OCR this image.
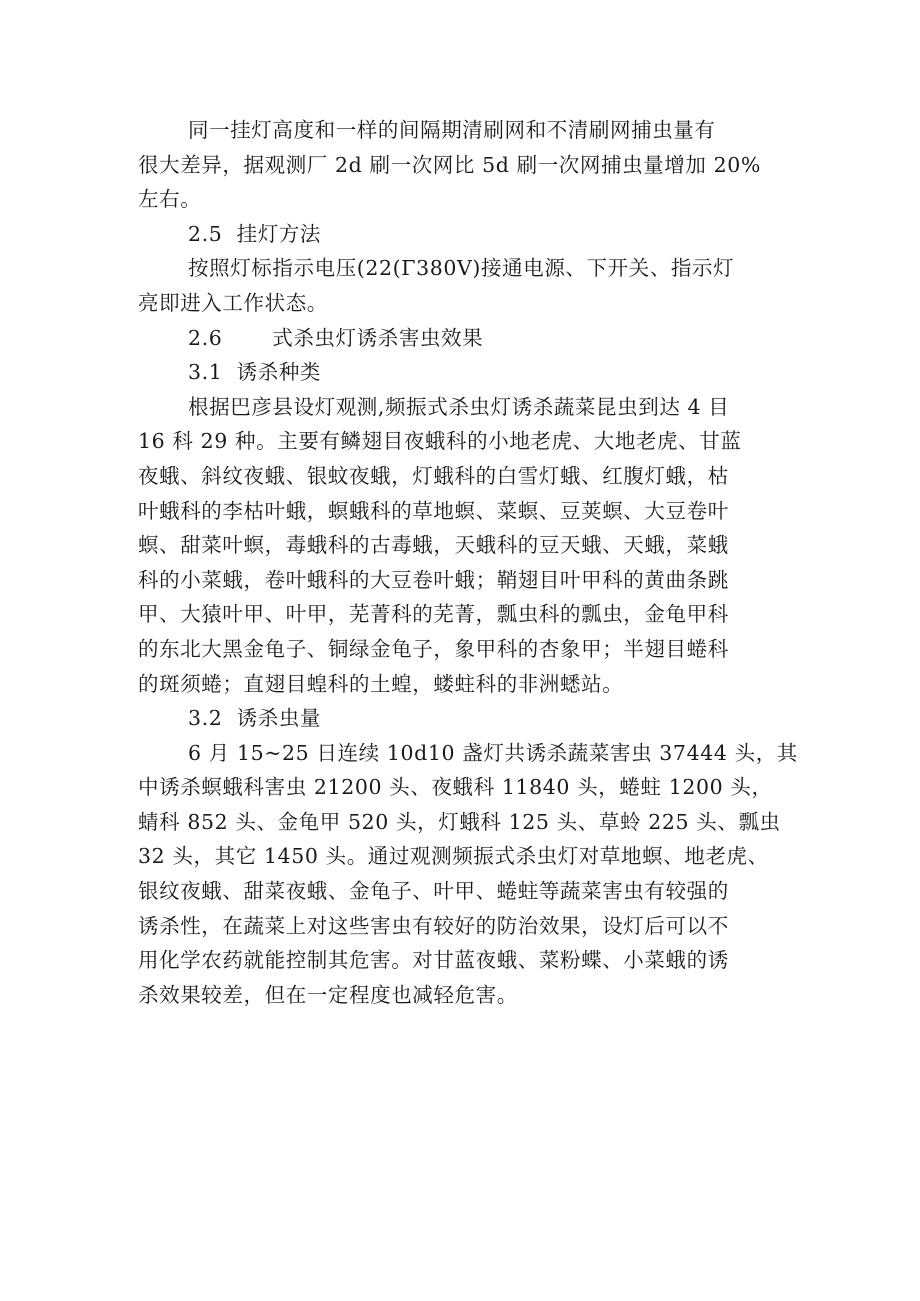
同一挂灯高度和一样的间隔期清刷网和不清刷网捕虫量有
很大差异，据观测厂 2d 刷一次网比 5d 刷一次网捕虫量增加 20%
左右。
2.5  挂灯方法
按照灯标指示电压(22(Γ380V)接通电源、下开关、指示灯
亮即进入工作状态。
2.6       式杀虫灯诱杀害虫效果
3.1  诱杀种类
根据巴彦县设灯观测,频振式杀虫灯诱杀蔬菜昆虫到达 4 目
16 科 29 种。主要有鳞翅目夜蛾科的小地老虎、大地老虎、甘蓝
夜蛾、斜纹夜蛾、银蚊夜蛾，灯蛾科的白雪灯蛾、红腹灯蛾，枯
叶蛾科的李枯叶蛾，螟蛾科的草地螟、菜螟、豆荚螟、大豆卷叶
螟、甜菜叶螟，毒蛾科的古毒蛾，天蛾科的豆天蛾、天蛾，菜蛾
科的小菜蛾，卷叶蛾科的大豆卷叶蛾；鞘翅目叶甲科的黄曲条跳
甲、大猿叶甲、叶甲，芜菁科的芜菁，瓢虫科的瓢虫，金龟甲科
的东北大黑金龟子、铜绿金龟子，象甲科的杏象甲；半翅目蜷科
的斑须蜷；直翅目蝗科的土蝗，蝼蛀科的非洲蟋站。
3.2  诱杀虫量
6 月 15~25 日连续 10d10 盏灯共诱杀蔬菜害虫 37444 头，其
中诱杀螟蛾科害虫 21200 头、夜蛾科 11840 头，蜷蛀 1200 头，
蜻科 852 头、金龟甲 520 头，灯蛾科 125 头、草蛉 225 头、瓢虫
32 头，其它 1450 头。通过观测频振式杀虫灯对草地螟、地老虎、
银纹夜蛾、甜菜夜蛾、金龟子、叶甲、蜷蛀等蔬菜害虫有较强的
诱杀性，在蔬菜上对这些害虫有较好的防治效果，设灯后可以不
用化学农药就能控制其危害。对甘蓝夜蛾、菜粉蝶、小菜蛾的诱
杀效果较差，但在一定程度也减轻危害。
